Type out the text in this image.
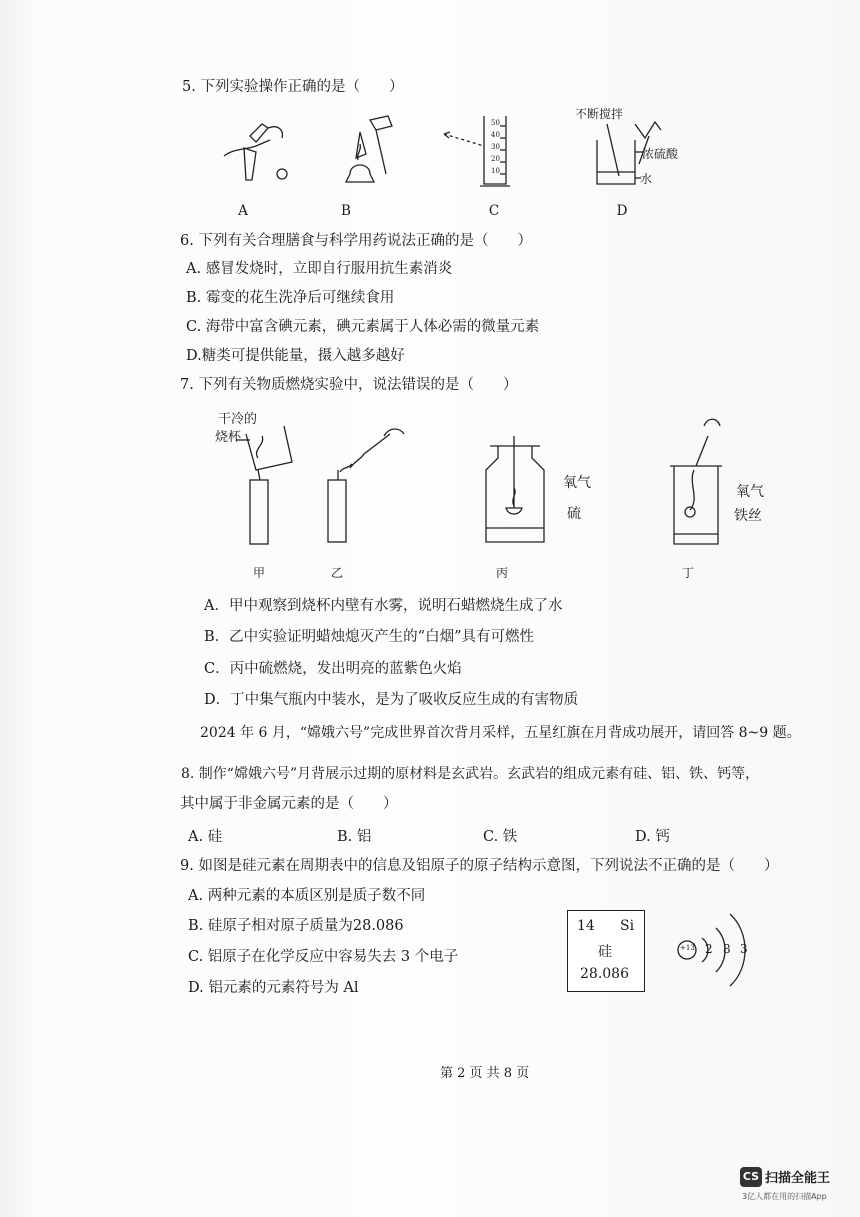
5. 下列实验操作正确的是（　　）
50
40
30
20
10
不断搅拌
浓硫酸
水
A	B	C	D
6. 下列有关合理膳食与科学用药说法正确的是（　　）
A. 感冒发烧时，立即自行服用抗生素消炎
B. 霉变的花生洗净后可继续食用
C. 海带中富含碘元素，碘元素属于人体必需的微量元素
D.糖类可提供能量，摄入越多越好
7. 下列有关物质燃烧实验中，说法错误的是（　　）
干冷的
烧杯
氧气
硫
氧气
铁丝
甲	乙	丙	丁
A．甲中观察到烧杯内壁有水雾，说明石蜡燃烧生成了水
B．乙中实验证明蜡烛熄灭产生的“白烟”具有可燃性
C．丙中硫燃烧，发出明亮的蓝紫色火焰
D．丁中集气瓶内中装水，是为了吸收反应生成的有害物质
2024 年 6 月，“嫦娥六号”完成世界首次背月采样，五星红旗在月背成功展开，请回答 8~9 题。
8. 制作“嫦娥六号”月背展示过期的原材料是玄武岩。玄武岩的组成元素有硅、铝、铁、钙等，
其中属于非金属元素的是（　　）
A. 硅	B. 铝	C. 铁	D. 钙
9. 如图是硅元素在周期表中的信息及铝原子的原子结构示意图，下列说法不正确的是（　　）
A. 两种元素的本质区别是质子数不同
B. 硅原子相对原子质量为28.086
C. 铝原子在化学反应中容易失去 3 个电子
D. 铝元素的元素符号为 Al
14 Si
硅
28.086
+13 2 8 3
第 2 页 共 8 页
CS 扫描全能王
3亿人都在用的扫描App
